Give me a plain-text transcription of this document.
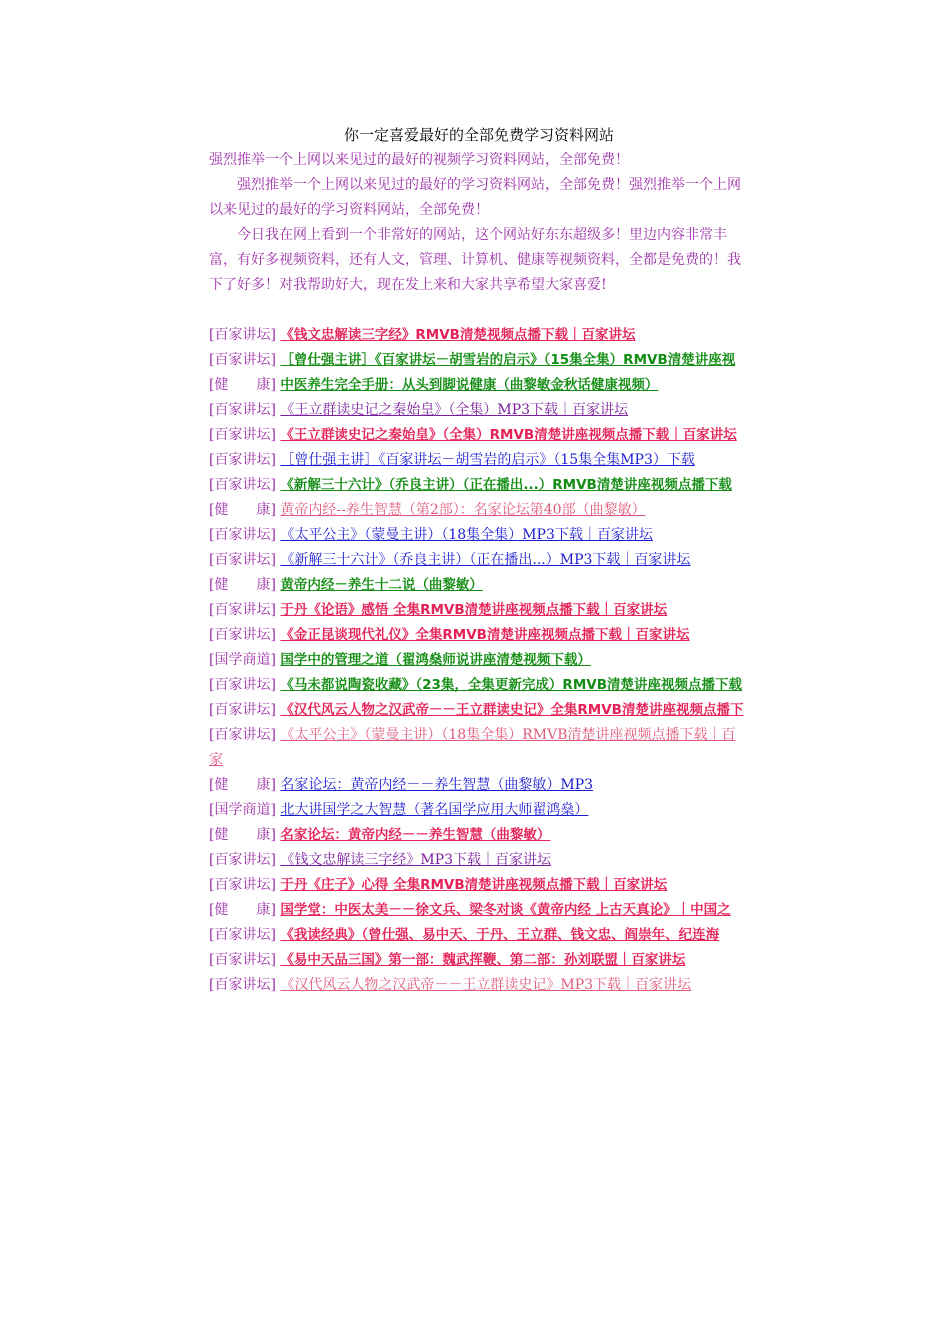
你一定喜爱最好的全部免费学习资料网站

强烈推举一个上网以来见过的最好的视频学习资料网站，全部免费！

强烈推举一个上网以来见过的最好的学习资料网站，全部免费！强烈推举一个上网以来见过的最好的学习资料网站，全部免费！

今日我在网上看到一个非常好的网站，这个网站好东东超级多！里边内容非常丰富，有好多视频资料，还有人文，管理、计算机、健康等视频资料，全都是免费的！我下了好多！对我帮助好大，现在发上来和大家共享希望大家喜爱!

[百家讲坛] 《钱文忠解读三字经》RMVB清楚视频点播下载｜百家讲坛

[百家讲坛] ［曾仕强主讲］《百家讲坛－胡雪岩的启示》（15集全集）RMVB清楚讲座视

[健　　康] 中医养生完全手册：从头到脚说健康（曲黎敏金秋话健康视频）

[百家讲坛] 《王立群读史记之秦始皇》（全集）MP3下载｜百家讲坛

[百家讲坛] 《王立群读史记之秦始皇》（全集）RMVB清楚讲座视频点播下载｜百家讲坛

[百家讲坛] ［曾仕强主讲］《百家讲坛－胡雪岩的启示》（15集全集MP3）下载

[百家讲坛] 《新解三十六计》（乔良主讲）（正在播出...）RMVB清楚讲座视频点播下载

[健　　康] 黄帝内经--养生智慧（第2部）：名家论坛第40部（曲黎敏）

[百家讲坛] 《太平公主》（蒙曼主讲）（18集全集）MP3下载｜百家讲坛

[百家讲坛] 《新解三十六计》（乔良主讲）（正在播出...）MP3下载｜百家讲坛

[健　　康] 黄帝内经－养生十二说（曲黎敏）

[百家讲坛] 于丹《论语》感悟 全集RMVB清楚讲座视频点播下载｜百家讲坛

[百家讲坛] 《金正昆谈现代礼仪》全集RMVB清楚讲座视频点播下载｜百家讲坛

[国学商道] 国学中的管理之道（翟鸿燊师说讲座清楚视频下载）

[百家讲坛] 《马未都说陶瓷收藏》（23集，全集更新完成）RMVB清楚讲座视频点播下载

[百家讲坛] 《汉代风云人物之汉武帝－－王立群读史记》全集RMVB清楚讲座视频点播下

[百家讲坛] 《太平公主》（蒙曼主讲）（18集全集）RMVB清楚讲座视频点播下载｜百家

[健　　康] 名家论坛：黄帝内经－－养生智慧（曲黎敏）MP3

[国学商道] 北大讲国学之大智慧（著名国学应用大师翟鸿燊）

[健　　康] 名家论坛：黄帝内经－－养生智慧（曲黎敏）

[百家讲坛] 《钱文忠解读三字经》MP3下载｜百家讲坛

[百家讲坛] 于丹《庄子》心得 全集RMVB清楚讲座视频点播下载｜百家讲坛

[健　　康] 国学堂：中医太美－－徐文兵、梁冬对谈《黄帝内经 上古天真论》｜中国之

[百家讲坛] 《我读经典》（曾仕强、易中天、于丹、王立群、钱文忠、阎崇年、纪连海

[百家讲坛] 《易中天品三国》第一部：魏武挥鞭、第二部：孙刘联盟｜百家讲坛

[百家讲坛] 《汉代风云人物之汉武帝－－王立群读史记》MP3下载｜百家讲坛
